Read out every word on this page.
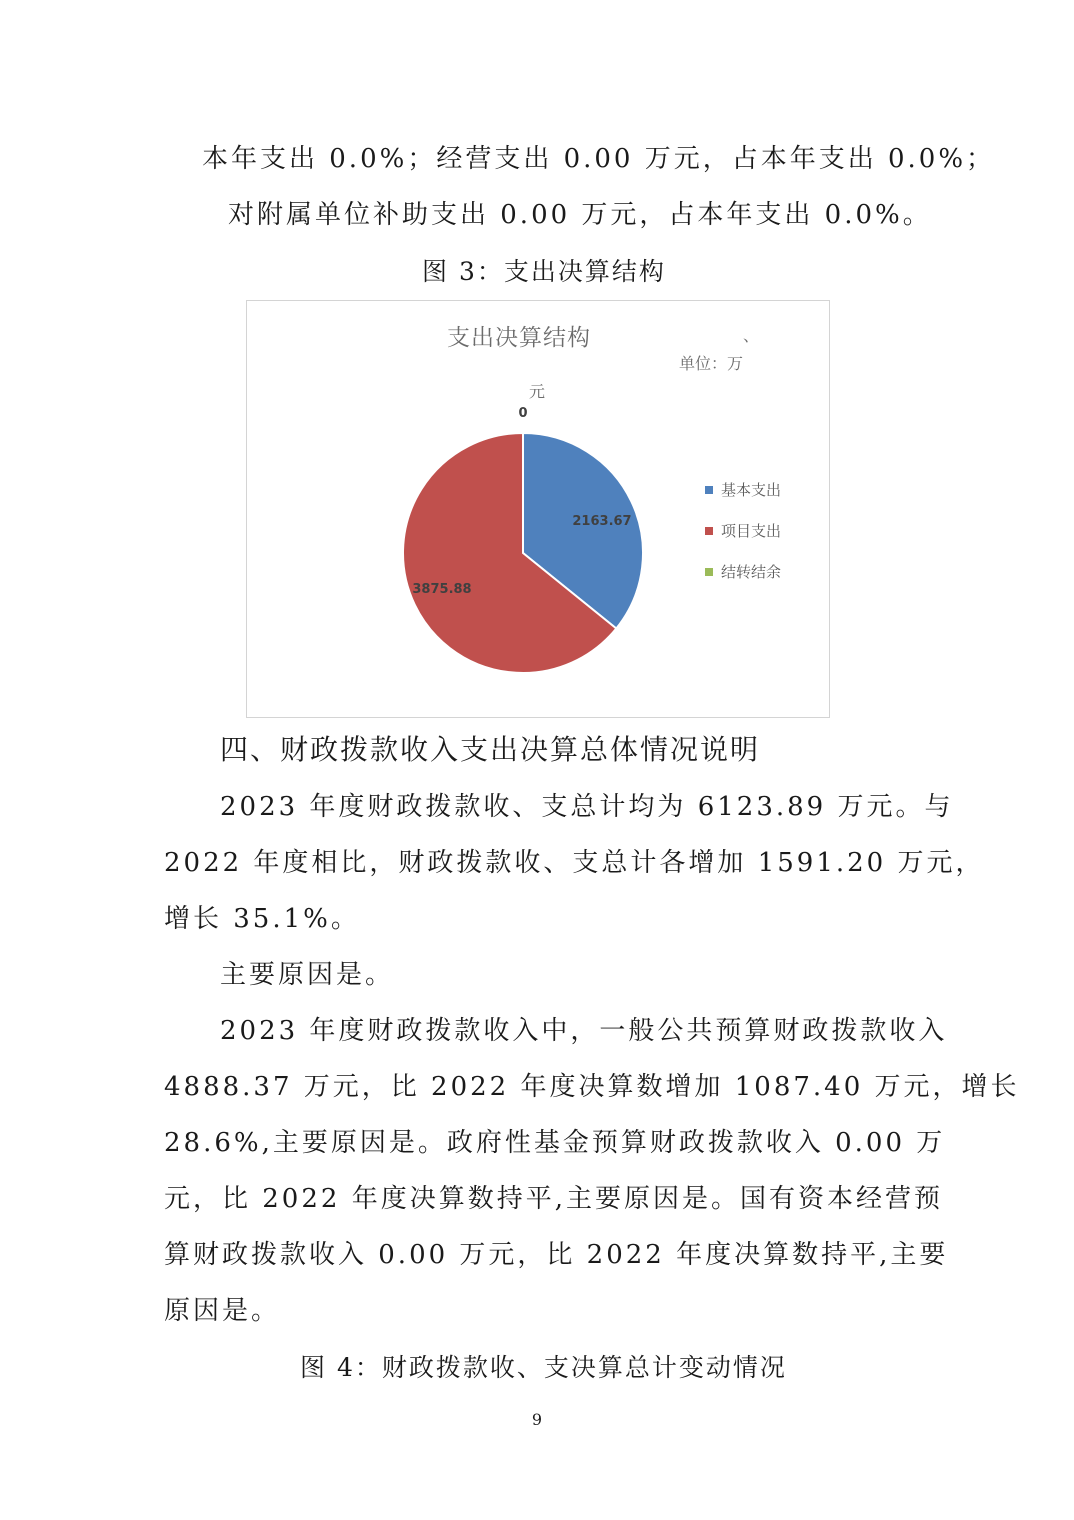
本年支出 0.0%；经营支出 0.00 万元，占本年支出 0.0%；
对附属单位补助支出 0.00 万元，占本年支出 0.0%。
图 3：支出决算结构
支出决算结构	、
单位：万
元
2163.67
3875.88
0
基本支出
项目支出
结转结余
四、财政拨款收入支出决算总体情况说明
2023 年度财政拨款收、支总计均为 6123.89 万元。与
2022 年度相比，财政拨款收、支总计各增加 1591.20 万元，
增长 35.1%。
主要原因是。
2023 年度财政拨款收入中，一般公共预算财政拨款收入
4888.37 万元，比 2022 年度决算数增加 1087.40 万元，增长
28.6%,主要原因是。政府性基金预算财政拨款收入 0.00 万
元，比 2022 年度决算数持平,主要原因是。国有资本经营预
算财政拨款收入 0.00 万元，比 2022 年度决算数持平,主要
原因是。
图 4：财政拨款收、支决算总计变动情况
9
